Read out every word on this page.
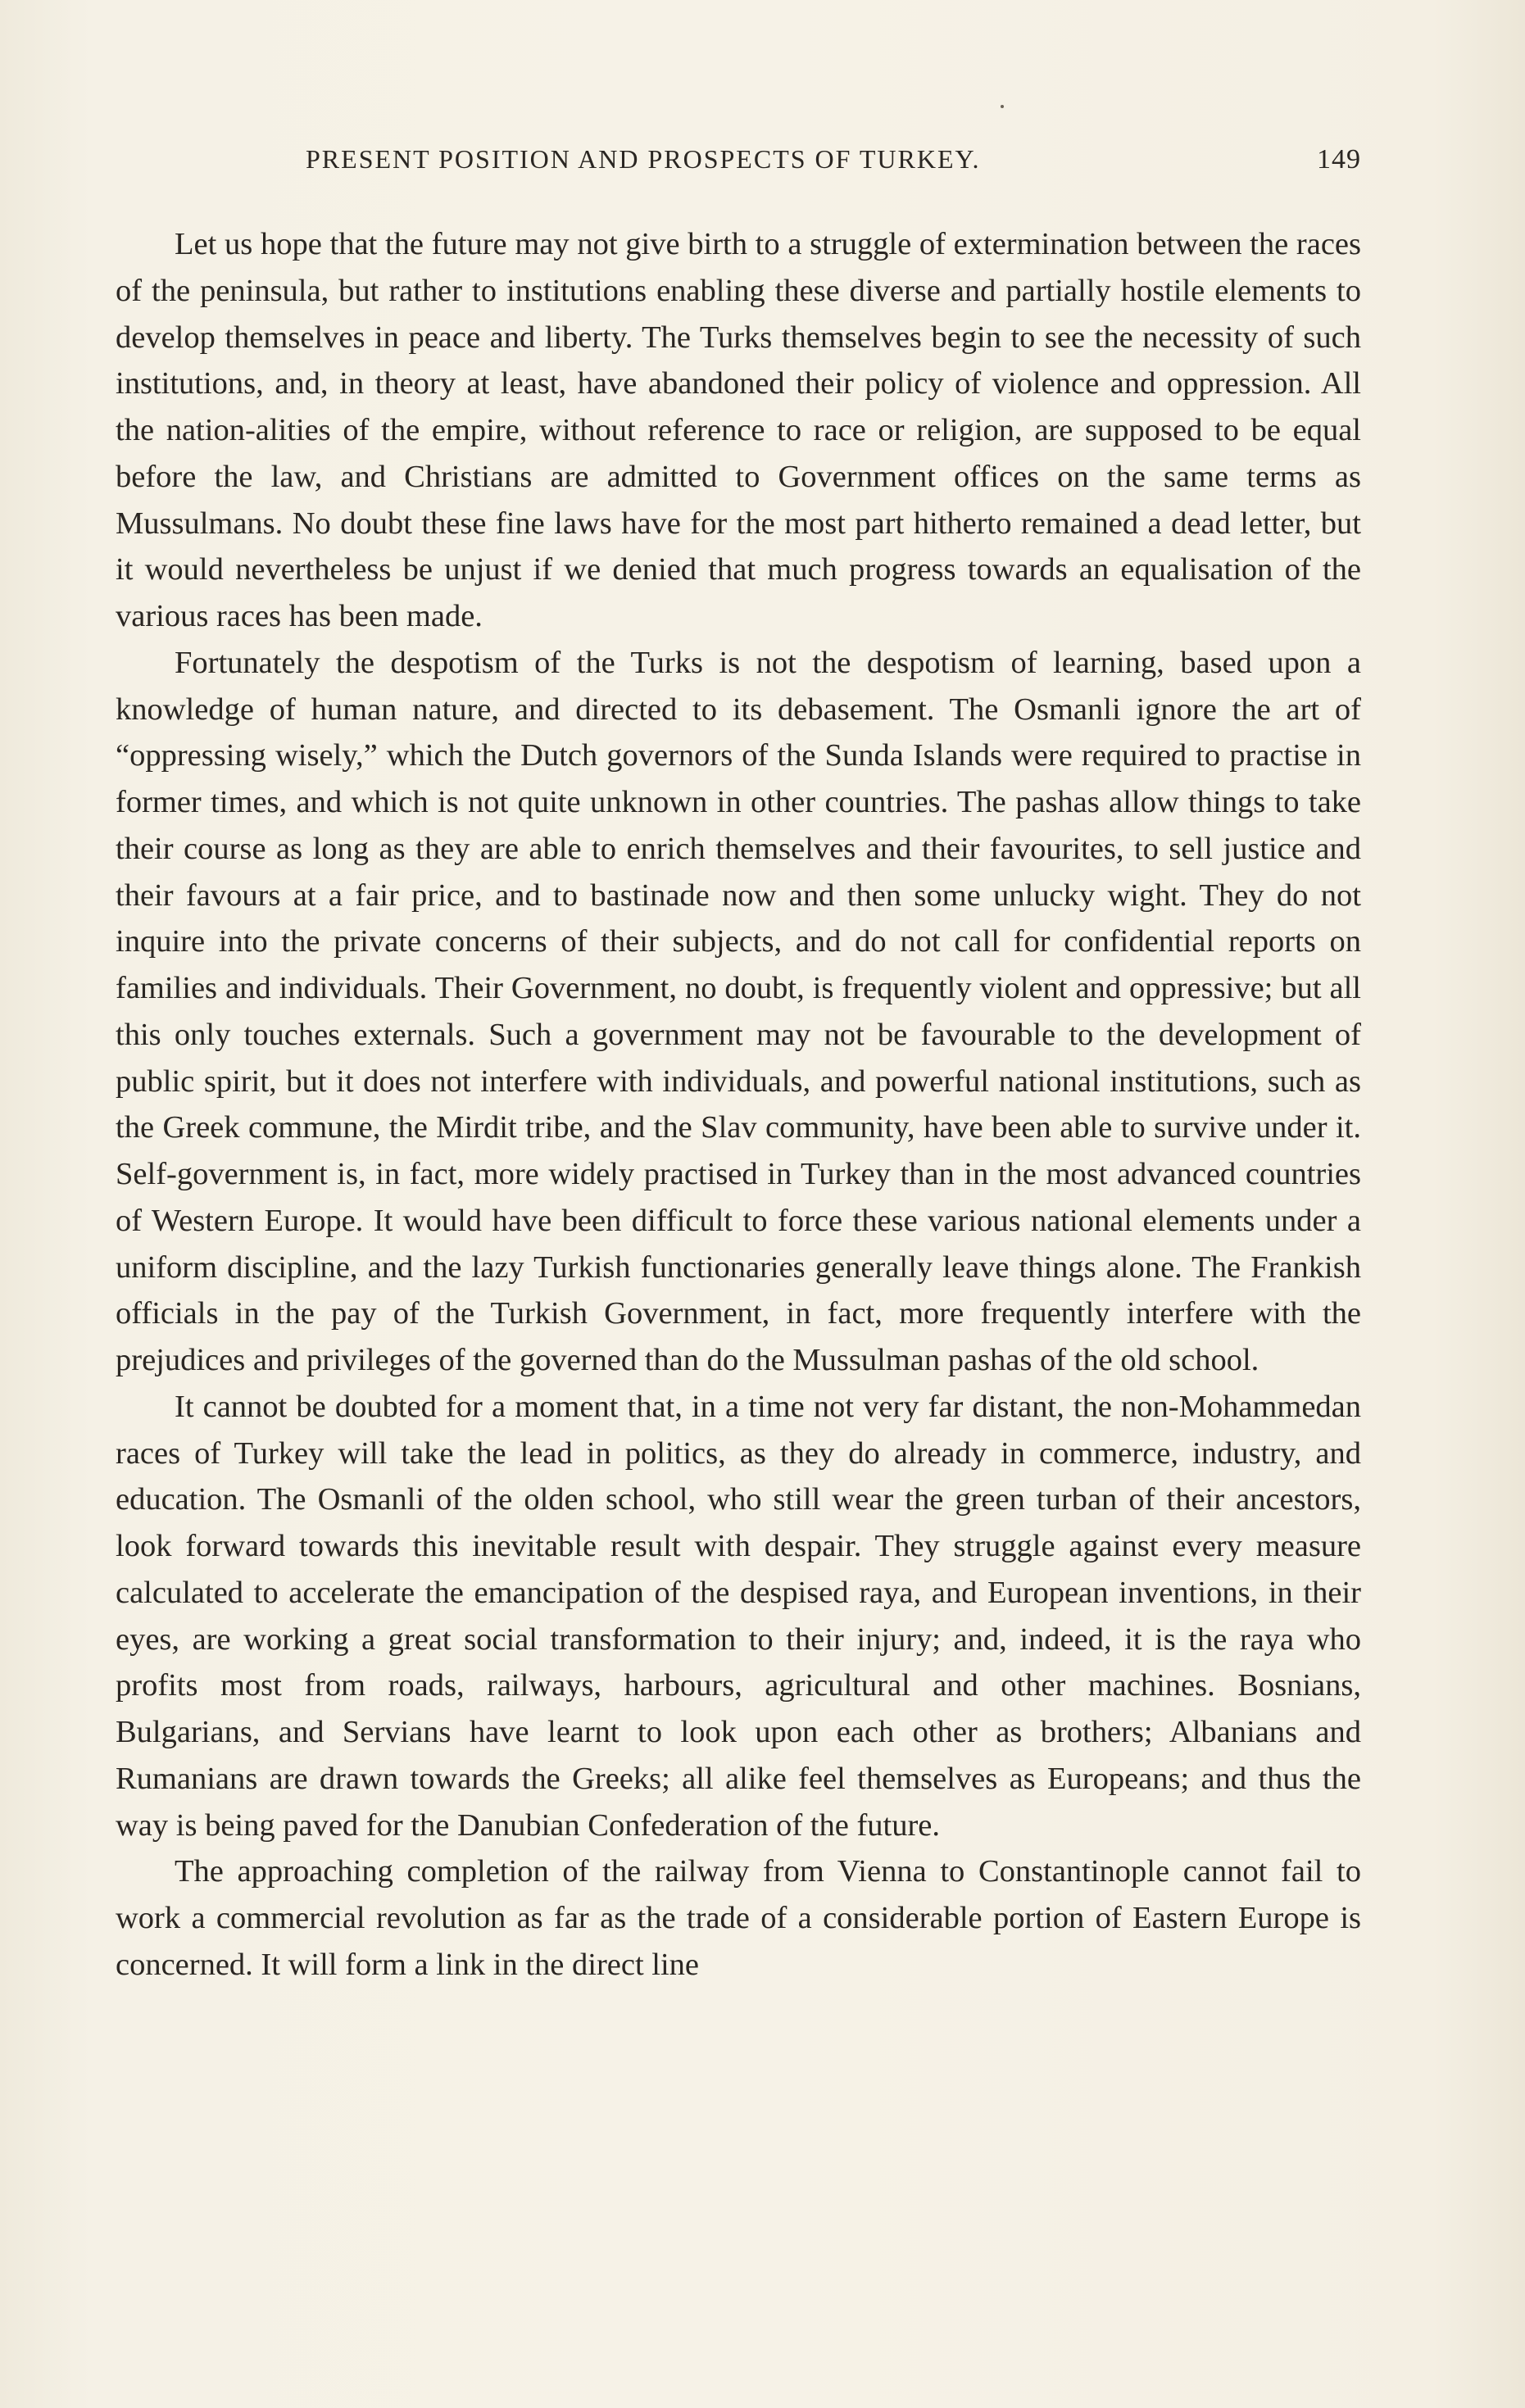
PRESENT POSITION AND PROSPECTS OF TURKEY.	149

Let us hope that the future may not give birth to a struggle of extermination between the races of the peninsula, but rather to institutions enabling these diverse and partially hostile elements to develop themselves in peace and liberty. The Turks themselves begin to see the necessity of such institutions, and, in theory at least, have abandoned their policy of violence and oppression. All the nation-alities of the empire, without reference to race or religion, are supposed to be equal before the law, and Christians are admitted to Government offices on the same terms as Mussulmans. No doubt these fine laws have for the most part hitherto remained a dead letter, but it would nevertheless be unjust if we denied that much progress towards an equalisation of the various races has been made.

Fortunately the despotism of the Turks is not the despotism of learning, based upon a knowledge of human nature, and directed to its debasement. The Osmanli ignore the art of “oppressing wisely,” which the Dutch governors of the Sunda Islands were required to practise in former times, and which is not quite unknown in other countries. The pashas allow things to take their course as long as they are able to enrich themselves and their favourites, to sell justice and their favours at a fair price, and to bastinade now and then some unlucky wight. They do not inquire into the private concerns of their subjects, and do not call for confidential reports on families and individuals. Their Government, no doubt, is frequently violent and oppressive; but all this only touches externals. Such a government may not be favourable to the development of public spirit, but it does not interfere with individuals, and powerful national institutions, such as the Greek commune, the Mirdit tribe, and the Slav community, have been able to survive under it. Self-government is, in fact, more widely practised in Turkey than in the most advanced countries of Western Europe. It would have been difficult to force these various national elements under a uniform discipline, and the lazy Turkish functionaries generally leave things alone. The Frankish officials in the pay of the Turkish Government, in fact, more frequently interfere with the prejudices and privileges of the governed than do the Mussulman pashas of the old school.

It cannot be doubted for a moment that, in a time not very far distant, the non-Mohammedan races of Turkey will take the lead in politics, as they do already in commerce, industry, and education. The Osmanli of the olden school, who still wear the green turban of their ancestors, look forward towards this inevitable result with despair. They struggle against every measure calculated to accelerate the emancipation of the despised raya, and European inventions, in their eyes, are working a great social transformation to their injury; and, indeed, it is the raya who profits most from roads, railways, harbours, agricultural and other machines. Bosnians, Bulgarians, and Servians have learnt to look upon each other as brothers; Albanians and Rumanians are drawn towards the Greeks; all alike feel themselves as Europeans; and thus the way is being paved for the Danubian Confederation of the future.

The approaching completion of the railway from Vienna to Constantinople cannot fail to work a commercial revolution as far as the trade of a considerable portion of Eastern Europe is concerned. It will form a link in the direct line
